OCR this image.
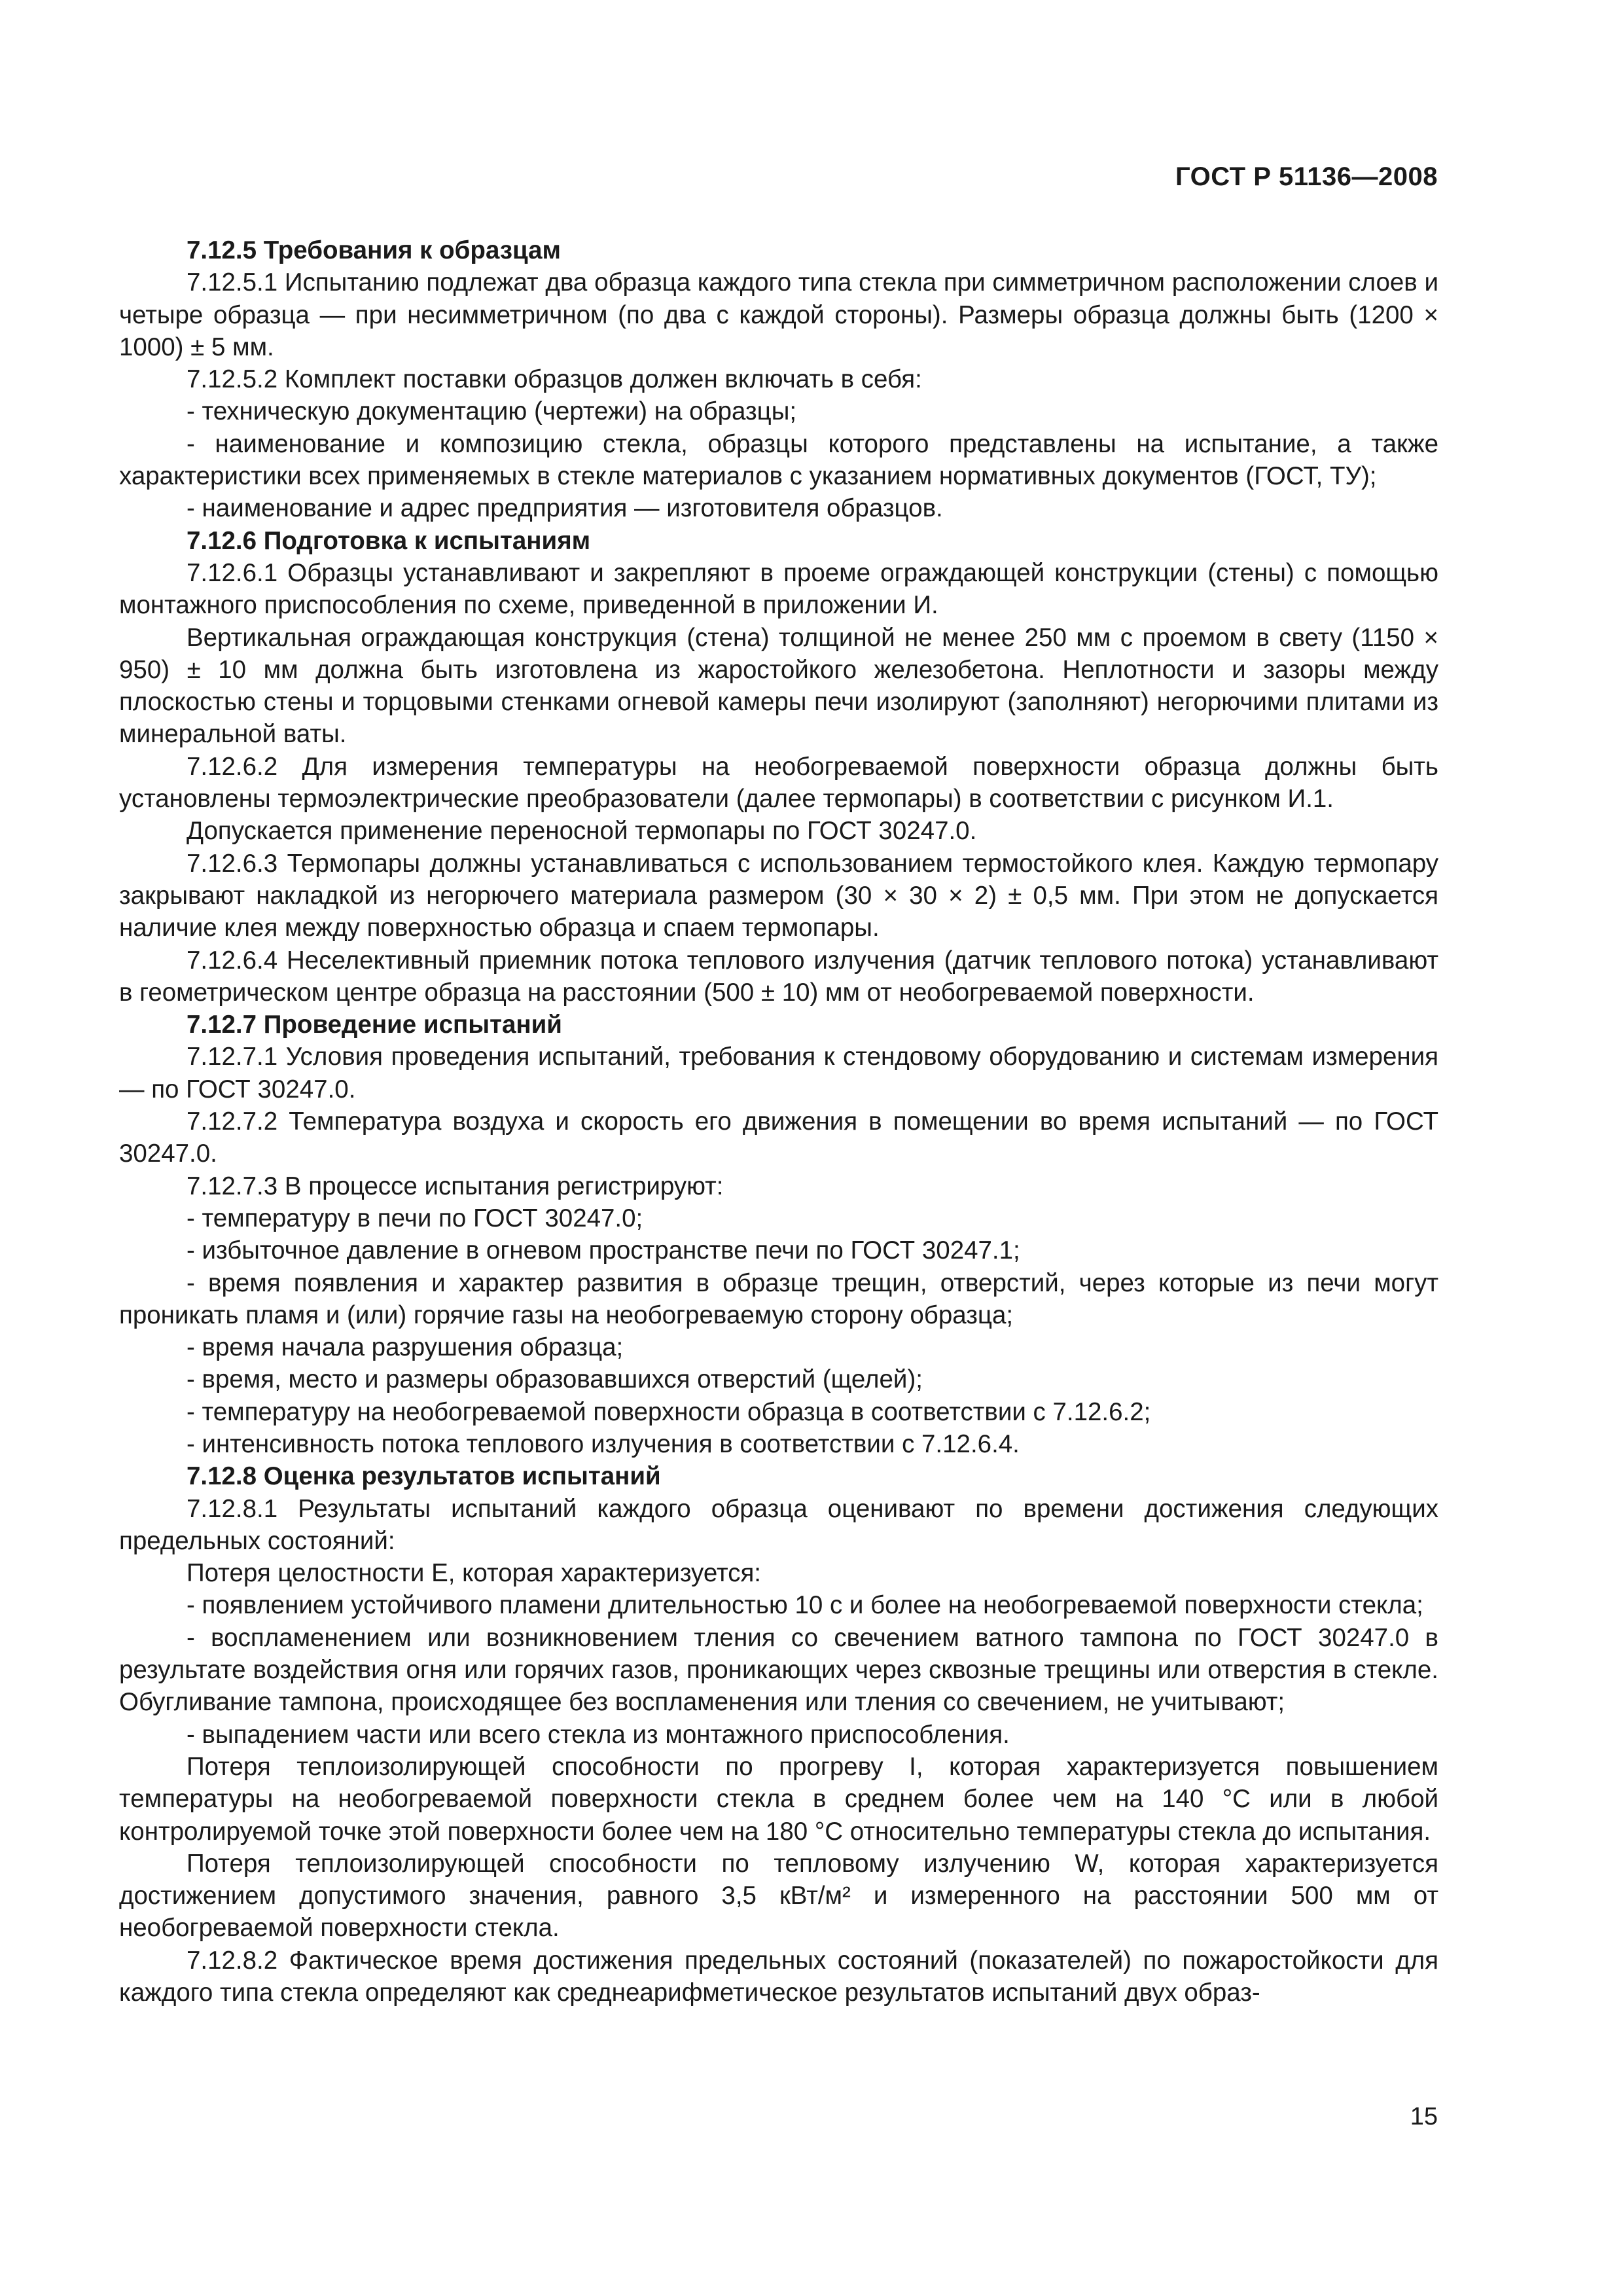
ГОСТ Р 51136—2008

7.12.5 Требования к образцам

7.12.5.1 Испытанию подлежат два образца каждого типа стекла при симметричном расположении слоев и четыре образца — при несимметричном (по два с каждой стороны). Размеры образца должны быть (1200 × 1000) ± 5 мм.

7.12.5.2 Комплект поставки образцов должен включать в себя:

- техническую документацию (чертежи) на образцы;

- наименование и композицию стекла, образцы которого представлены на испытание, а также характеристики всех применяемых в стекле материалов с указанием нормативных документов (ГОСТ, ТУ);

- наименование и адрес предприятия — изготовителя образцов.

7.12.6 Подготовка к испытаниям

7.12.6.1 Образцы устанавливают и закрепляют в проеме ограждающей конструкции (стены) с помощью монтажного приспособления по схеме, приведенной в приложении И.

Вертикальная ограждающая конструкция (стена) толщиной не менее 250 мм с проемом в свету (1150 × 950) ± 10 мм должна быть изготовлена из жаростойкого железобетона. Неплотности и зазоры между плоскостью стены и торцовыми стенками огневой камеры печи изолируют (заполняют) негорючими плитами из минеральной ваты.

7.12.6.2 Для измерения температуры на необогреваемой поверхности образца должны быть установлены термоэлектрические преобразователи (далее термопары) в соответствии с рисунком И.1.

Допускается применение переносной термопары по ГОСТ 30247.0.

7.12.6.3 Термопары должны устанавливаться с использованием термостойкого клея. Каждую термопару закрывают накладкой из негорючего материала размером (30 × 30 × 2) ± 0,5 мм. При этом не допускается наличие клея между поверхностью образца и спаем термопары.

7.12.6.4 Неселективный приемник потока теплового излучения (датчик теплового потока) устанавливают в геометрическом центре образца на расстоянии (500 ± 10) мм от необогреваемой поверхности.

7.12.7 Проведение испытаний

7.12.7.1 Условия проведения испытаний, требования к стендовому оборудованию и системам измерения — по ГОСТ 30247.0.

7.12.7.2 Температура воздуха и скорость его движения в помещении во время испытаний — по ГОСТ 30247.0.

7.12.7.3 В процессе испытания регистрируют:

- температуру в печи по ГОСТ 30247.0;

- избыточное давление в огневом пространстве печи по ГОСТ 30247.1;

- время появления и характер развития в образце трещин, отверстий, через которые из печи могут проникать пламя и (или) горячие газы на необогреваемую сторону образца;

- время начала разрушения образца;

- время, место и размеры образовавшихся отверстий (щелей);

- температуру на необогреваемой поверхности образца в соответствии с 7.12.6.2;

- интенсивность потока теплового излучения в соответствии с 7.12.6.4.

7.12.8 Оценка результатов испытаний

7.12.8.1 Результаты испытаний каждого образца оценивают по времени достижения следующих предельных состояний:

Потеря целостности E, которая характеризуется:

- появлением устойчивого пламени длительностью 10 с и более на необогреваемой поверхности стекла;

- воспламенением или возникновением тления со свечением ватного тампона по ГОСТ 30247.0 в результате воздействия огня или горячих газов, проникающих через сквозные трещины или отверстия в стекле. Обугливание тампона, происходящее без воспламенения или тления со свечением, не учитывают;

- выпадением части или всего стекла из монтажного приспособления.

Потеря теплоизолирующей способности по прогреву I, которая характеризуется повышением температуры на необогреваемой поверхности стекла в среднем более чем на 140 °С или в любой контролируемой точке этой поверхности более чем на 180 °С относительно температуры стекла до испытания.

Потеря теплоизолирующей способности по тепловому излучению W, которая характеризуется достижением допустимого значения, равного 3,5 кВт/м² и измеренного на расстоянии 500 мм от необогреваемой поверхности стекла.

7.12.8.2 Фактическое время достижения предельных состояний (показателей) по пожаростойкости для каждого типа стекла определяют как среднеарифметическое результатов испытаний двух образ-

15
